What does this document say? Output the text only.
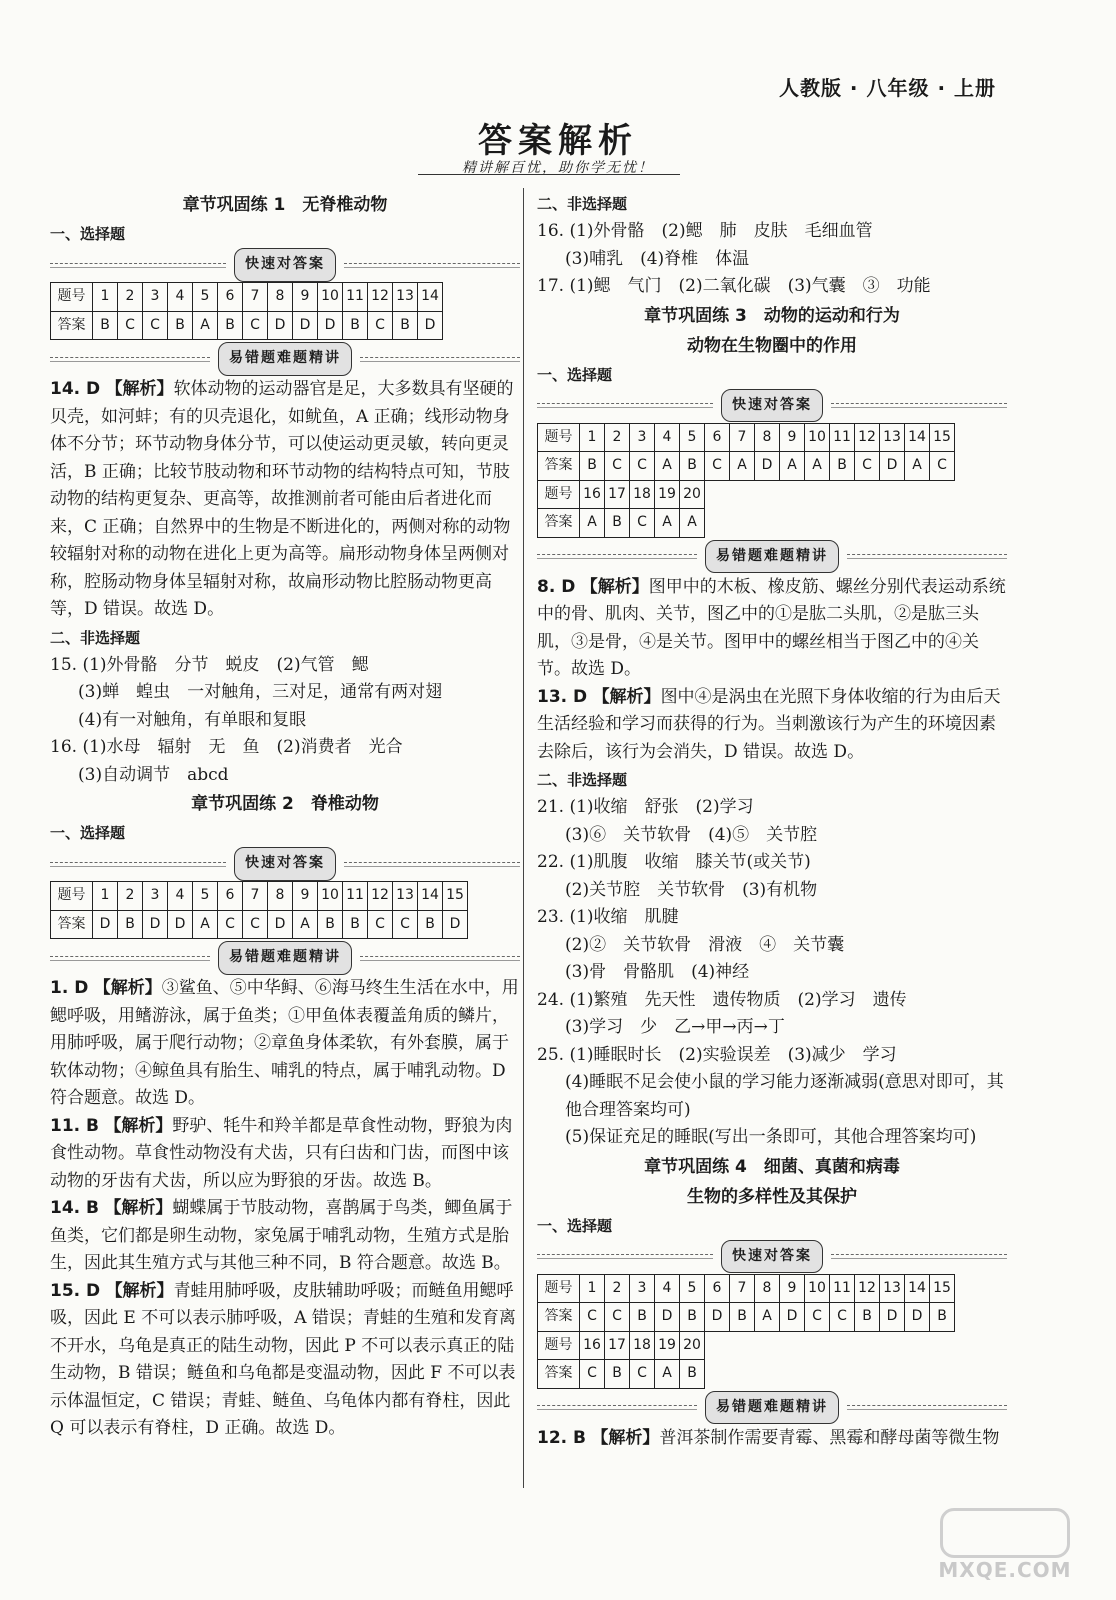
人教版 · 八年级 · 上册
答案解析
精讲解百忧，助你学无忧！
章节巩固练 1　无脊椎动物
一、选择题
快速对答案
题号	1	2	3	4	5	6	7	8	9	10	11	12	13	14
答案	B	C	C	B	A	B	C	D	D	D	B	C	B	D
易错题难题精讲
14. D 【解析】软体动物的运动器官是足，大多数具有坚硬的贝壳，如河蚌；有的贝壳退化，如鱿鱼，A 正确；线形动物身体不分节；环节动物身体分节，可以使运动更灵敏，转向更灵活，B 正确；比较节肢动物和环节动物的结构特点可知，节肢动物的结构更复杂、更高等，故推测前者可能由后者进化而来，C 正确；自然界中的生物是不断进化的，两侧对称的动物较辐射对称的动物在进化上更为高等。扁形动物身体呈两侧对称，腔肠动物身体呈辐射对称，故扁形动物比腔肠动物更高等，D 错误。故选 D。
二、非选择题
15. (1)外骨骼　分节　蜕皮　(2)气管　鳃
(3)蝉　蝗虫　一对触角，三对足，通常有两对翅
(4)有一对触角，有单眼和复眼
16. (1)水母　辐射　无　鱼　(2)消费者　光合
(3)自动调节　abcd
章节巩固练 2　脊椎动物
一、选择题
快速对答案
题号	1	2	3	4	5	6	7	8	9	10	11	12	13	14	15
答案	D	B	D	D	A	C	C	D	A	B	B	C	C	B	D
易错题难题精讲
1. D 【解析】③鲨鱼、⑤中华鲟、⑥海马终生生活在水中，用鳃呼吸，用鳍游泳，属于鱼类；①甲鱼体表覆盖角质的鳞片，用肺呼吸，属于爬行动物；②章鱼身体柔软，有外套膜，属于软体动物；④鲸鱼具有胎生、哺乳的特点，属于哺乳动物。D 符合题意。故选 D。
11. B 【解析】野驴、牦牛和羚羊都是草食性动物，野狼为肉食性动物。草食性动物没有犬齿，只有臼齿和门齿，而图中该动物的牙齿有犬齿，所以应为野狼的牙齿。故选 B。
14. B 【解析】蝴蝶属于节肢动物，喜鹊属于鸟类，鲫鱼属于鱼类，它们都是卵生动物，家兔属于哺乳动物，生殖方式是胎生，因此其生殖方式与其他三种不同，B 符合题意。故选 B。
15. D 【解析】青蛙用肺呼吸，皮肤辅助呼吸；而鲢鱼用鳃呼吸，因此 E 不可以表示肺呼吸，A 错误；青蛙的生殖和发育离不开水，乌龟是真正的陆生动物，因此 P 不可以表示真正的陆生动物，B 错误；鲢鱼和乌龟都是变温动物，因此 F 不可以表示体温恒定，C 错误；青蛙、鲢鱼、乌龟体内都有脊柱，因此 Q 可以表示有脊柱，D 正确。故选 D。
二、非选择题
16. (1)外骨骼　(2)鳃　肺　皮肤　毛细血管
(3)哺乳　(4)脊椎　体温
17. (1)鳃　气门　(2)二氧化碳　(3)气囊　③　功能
章节巩固练 3　动物的运动和行为
动物在生物圈中的作用
一、选择题
快速对答案
题号	1	2	3	4	5	6	7	8	9	10	11	12	13	14	15
答案	B	C	C	A	B	C	A	D	A	A	B	C	D	A	C
题号	16	17	18	19	20										
答案	A	B	C	A	A										
易错题难题精讲
8. D 【解析】图甲中的木板、橡皮筋、螺丝分别代表运动系统中的骨、肌肉、关节，图乙中的①是肱二头肌，②是肱三头肌，③是骨，④是关节。图甲中的螺丝相当于图乙中的④关节。故选 D。
13. D 【解析】图中④是涡虫在光照下身体收缩的行为由后天生活经验和学习而获得的行为。当刺激该行为产生的环境因素去除后，该行为会消失，D 错误。故选 D。
二、非选择题
21. (1)收缩　舒张　(2)学习
(3)⑥　关节软骨　(4)⑤　关节腔
22. (1)肌腹　收缩　膝关节(或关节)
(2)关节腔　关节软骨　(3)有机物
23. (1)收缩　肌腱
(2)②　关节软骨　滑液　④　关节囊
(3)骨　骨骼肌　(4)神经
24. (1)繁殖　先天性　遗传物质　(2)学习　遗传
(3)学习　少　乙→甲→丙→丁
25. (1)睡眠时长　(2)实验误差　(3)减少　学习
(4)睡眠不足会使小鼠的学习能力逐渐减弱(意思对即可，其他合理答案均可)
(5)保证充足的睡眠(写出一条即可，其他合理答案均可)
章节巩固练 4　细菌、真菌和病毒
生物的多样性及其保护
一、选择题
快速对答案
题号	1	2	3	4	5	6	7	8	9	10	11	12	13	14	15
答案	C	C	B	D	B	D	B	A	D	C	C	B	D	D	B
题号	16	17	18	19	20										
答案	C	B	C	A	B										
易错题难题精讲
12. B 【解析】普洱茶制作需要青霉、黑霉和酵母菌等微生物
MXQE.COM
